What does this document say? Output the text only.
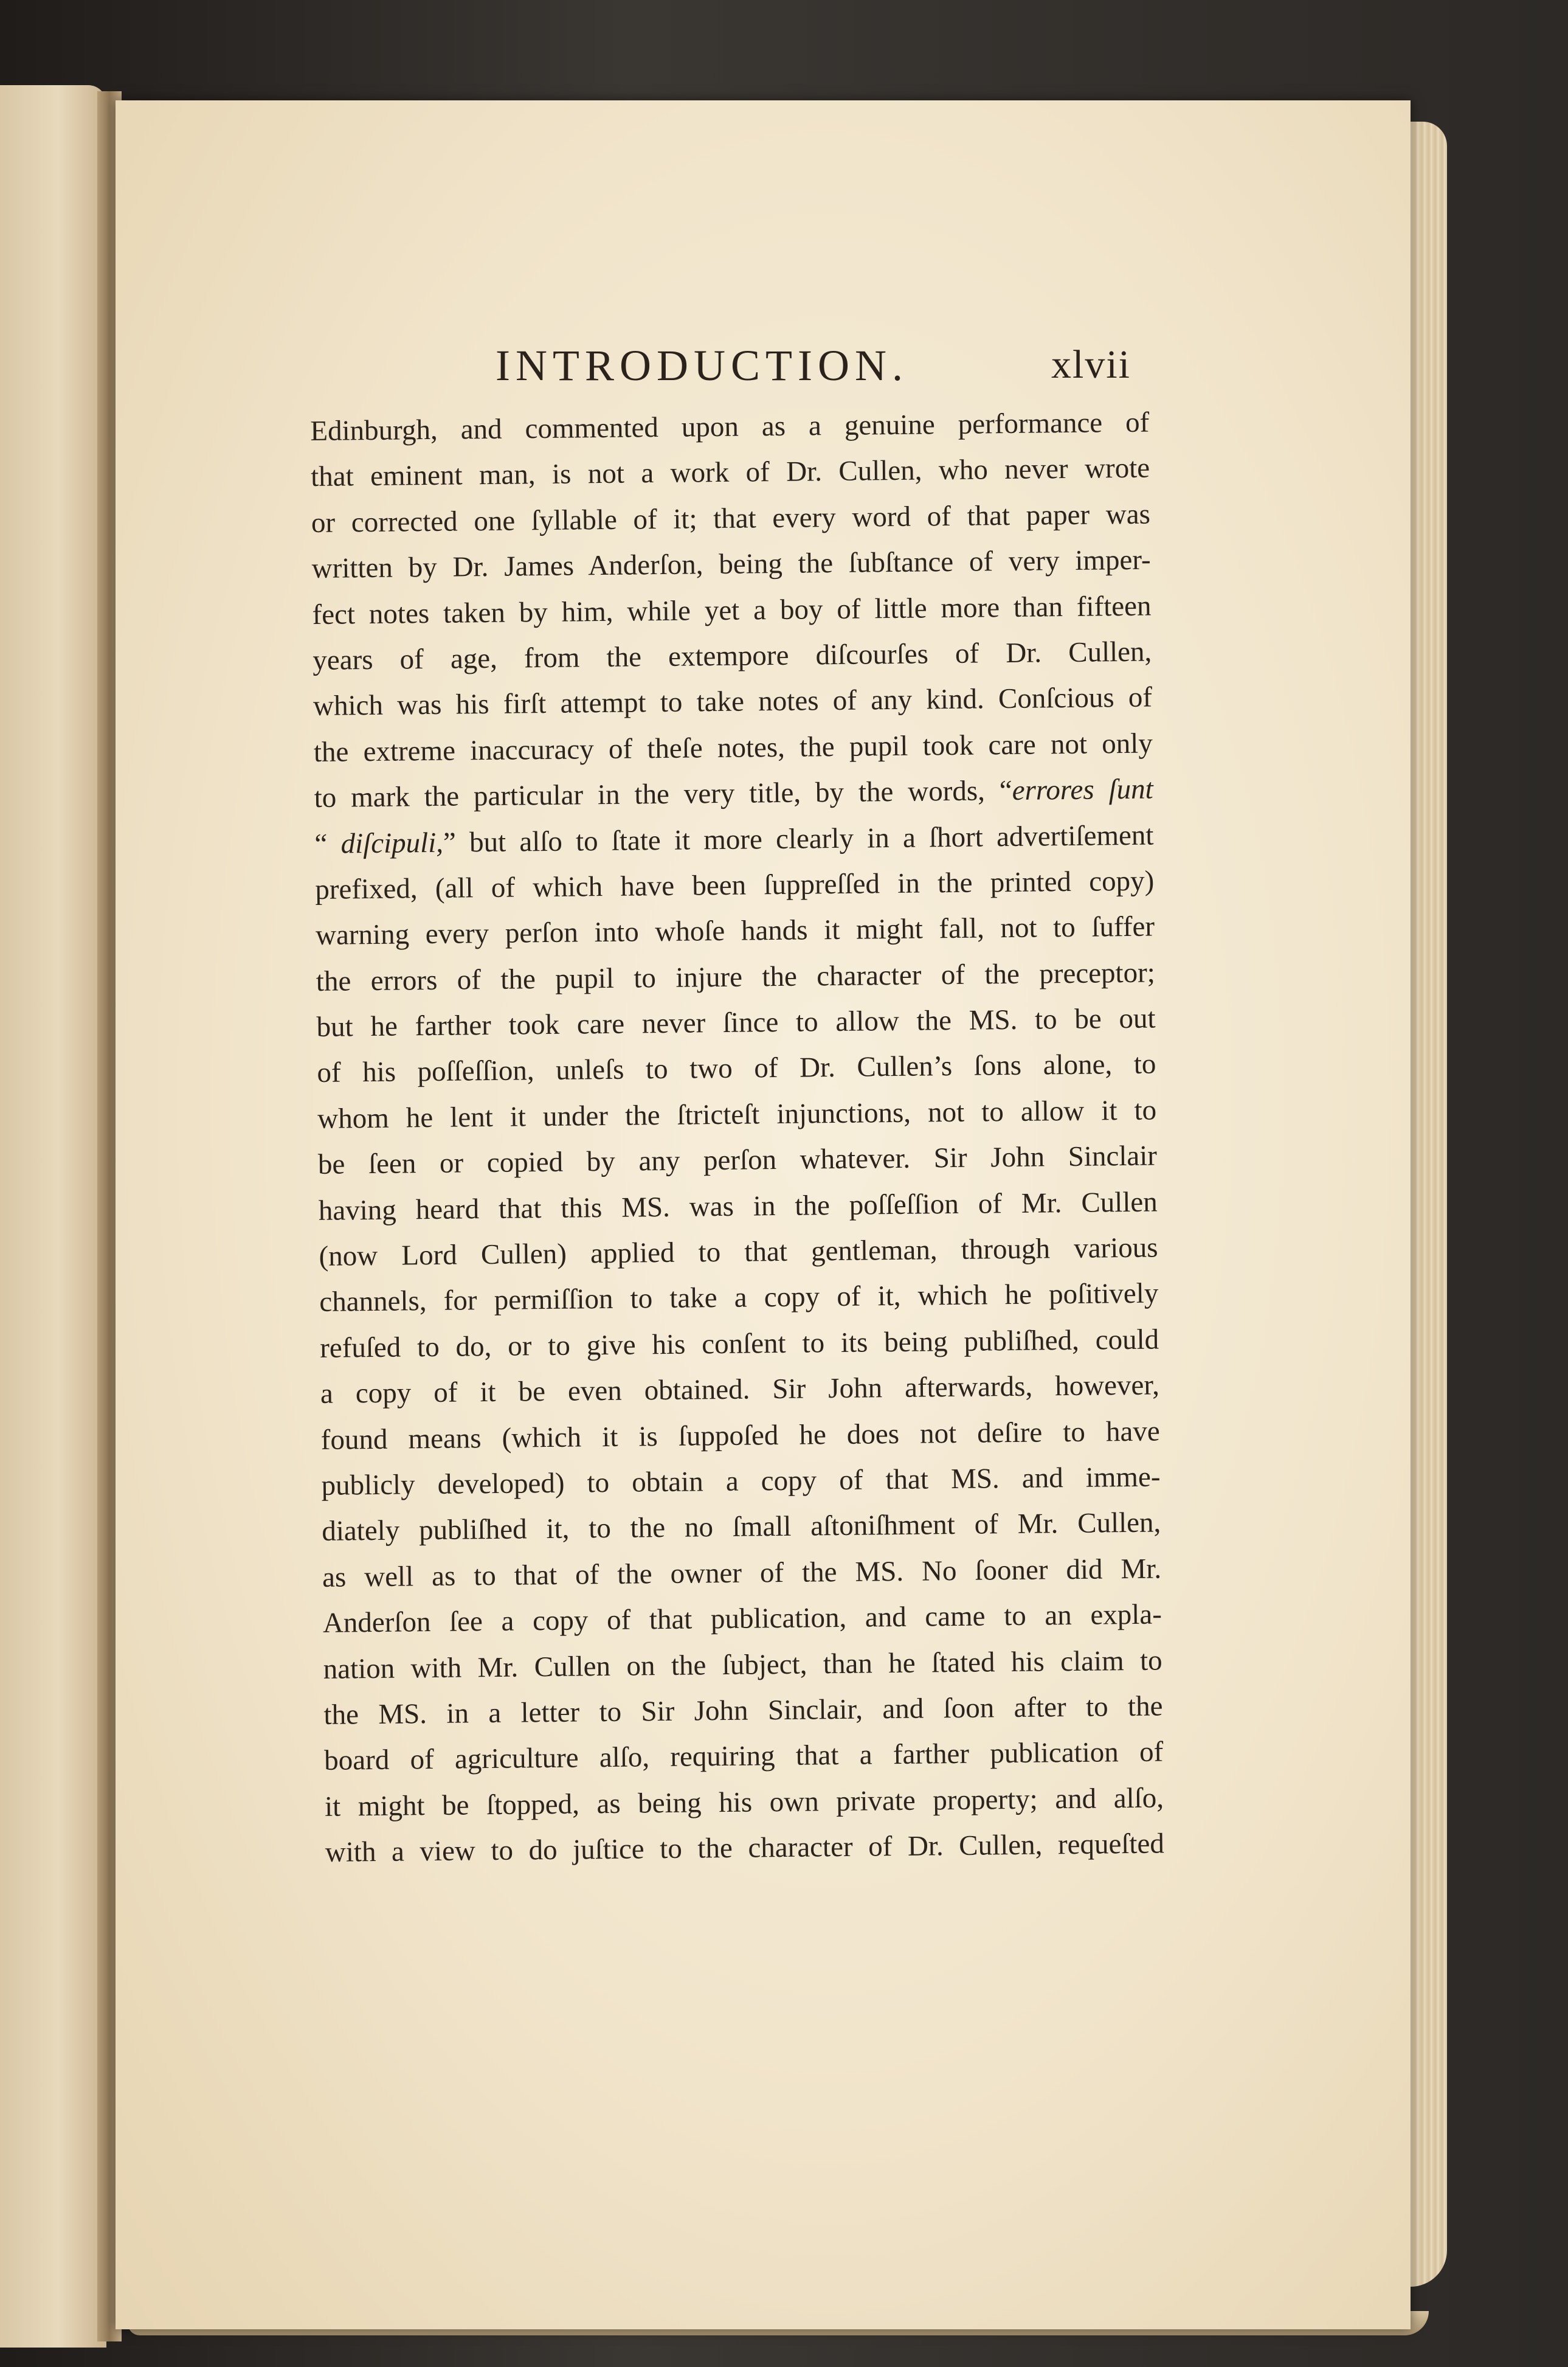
INTRODUCTION.	xlvii
Edinburgh, and commented upon as a genuine performance of
that eminent man, is not a work of Dr. Cullen, who never wrote
or corrected one ſyllable of it; that every word of that paper was
written by Dr. James Anderſon, being the ſubſtance of very imper-
fect notes taken by him, while yet a boy of little more than fifteen
years of age, from the extempore diſcourſes of Dr. Cullen,
which was his firſt attempt to take notes of any kind. Conſcious of
the extreme inaccuracy of theſe notes, the pupil took care not only
to mark the particular in the very title, by the words, “errores ſunt
“ diſcipuli,” but alſo to ſtate it more clearly in a ſhort advertiſement
prefixed, (all of which have been ſuppreſſed in the printed copy)
warning every perſon into whoſe hands it might fall, not to ſuffer
the errors of the pupil to injure the character of the preceptor;
but he farther took care never ſince to allow the MS. to be out
of his poſſeſſion, unleſs to two of Dr. Cullen’s ſons alone, to
whom he lent it under the ſtricteſt injunctions, not to allow it to
be ſeen or copied by any perſon whatever. Sir John Sinclair
having heard that this MS. was in the poſſeſſion of Mr. Cullen
(now Lord Cullen) applied to that gentleman, through various
channels, for permiſſion to take a copy of it, which he poſitively
refuſed to do, or to give his conſent to its being publiſhed, could
a copy of it be even obtained. Sir John afterwards, however,
found means (which it is ſuppoſed he does not deſire to have
publicly developed) to obtain a copy of that MS. and imme-
diately publiſhed it, to the no ſmall aſtoniſhment of Mr. Cullen,
as well as to that of the owner of the MS. No ſooner did Mr.
Anderſon ſee a copy of that publication, and came to an expla-
nation with Mr. Cullen on the ſubject, than he ſtated his claim to
the MS. in a letter to Sir John Sinclair, and ſoon after to the
board of agriculture alſo, requiring that a farther publication of
it might be ſtopped, as being his own private property; and alſo,
with a view to do juſtice to the character of Dr. Cullen, requeſted
